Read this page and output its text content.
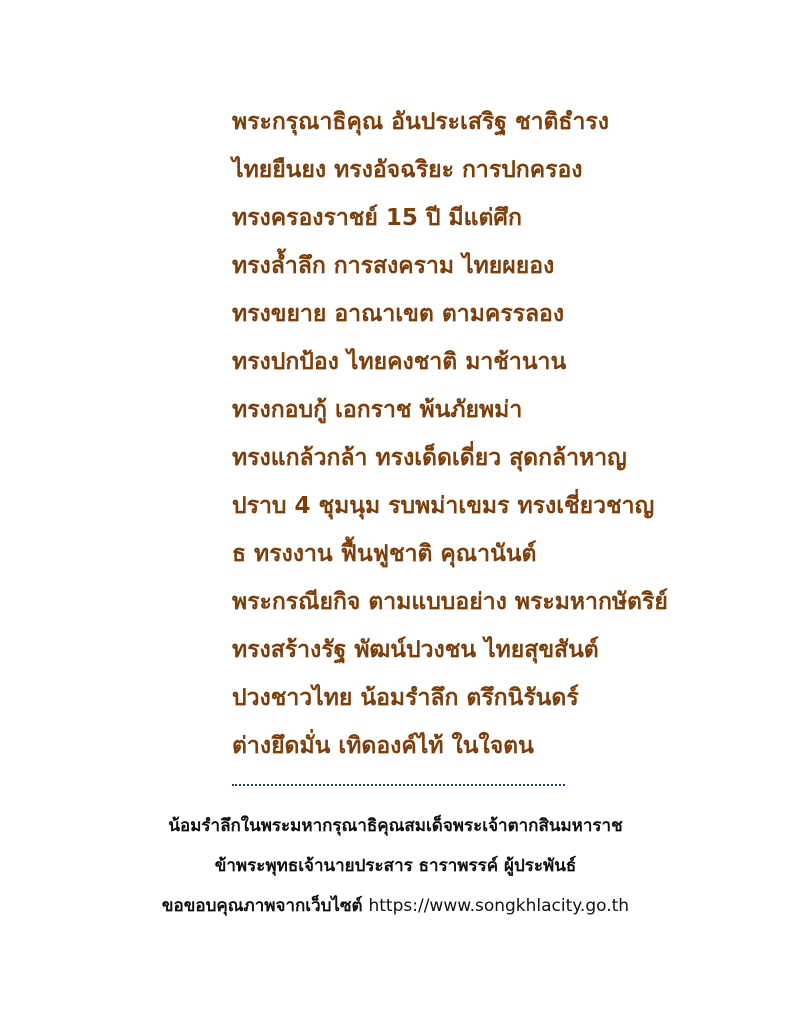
พระกรุณาธิคุณ อันประเสริฐ ชาติธำรง
ไทยยืนยง ทรงอัจฉริยะ การปกครอง
ทรงครองราชย์ 15 ปี มีแต่ศึก
ทรงล้ำลึก การสงคราม ไทยผยอง
ทรงขยาย อาณาเขต ตามครรลอง
ทรงปกป้อง ไทยคงชาติ มาช้านาน
ทรงกอบกู้ เอกราช พ้นภัยพม่า
ทรงแกล้วกล้า ทรงเด็ดเดี่ยว สุดกล้าหาญ
ปราบ 4 ชุมนุม รบพม่าเขมร ทรงเชี่ยวชาญ
ธ ทรงงาน ฟื้นฟูชาติ คุณานันต์
พระกรณียกิจ ตามแบบอย่าง พระมหากษัตริย์
ทรงสร้างรัฐ พัฒน์ปวงชน ไทยสุขสันต์
ปวงชาวไทย น้อมรำลึก ตรึกนิรันดร์
ต่างยึดมั่น เทิดองค์ไท้ ในใจตน
น้อมรำลึกในพระมหากรุณาธิคุณสมเด็จพระเจ้าตากสินมหาราช
ข้าพระพุทธเจ้านายประสาร ธาราพรรค์ ผู้ประพันธ์
ขอขอบคุณภาพจากเว็บไซต์ https://www.songkhlacity.go.th
